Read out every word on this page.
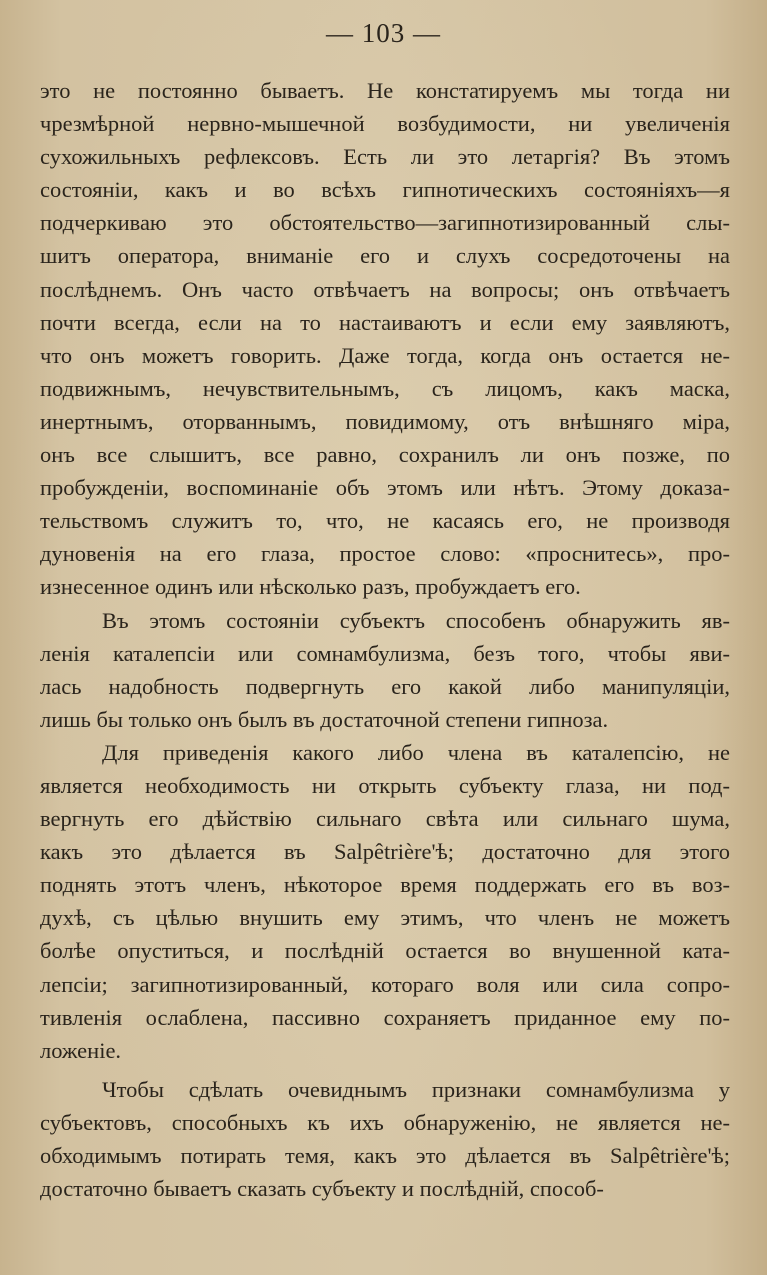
— 103 —
это не постоянно бываетъ. Не констатируемъ мы тогда ни
чрезмѣрной нервно-мышечной возбудимости, ни увеличенія
сухожильныхъ рефлексовъ. Есть ли это летаргія? Въ этомъ
состояніи, какъ и во всѣхъ гипнотическихъ состояніяхъ—я
подчеркиваю это обстоятельство—загипнотизированный слы-
шитъ оператора, вниманіе его и слухъ сосредоточены на
послѣднемъ. Онъ часто отвѣчаетъ на вопросы; онъ отвѣчаетъ
почти всегда, если на то настаиваютъ и если ему заявляютъ,
что онъ можетъ говорить. Даже тогда, когда онъ остается не-
подвижнымъ, нечувствительнымъ, съ лицомъ, какъ маска,
инертнымъ, оторваннымъ, повидимому, отъ внѣшняго міра,
онъ все слышитъ, все равно, сохранилъ ли онъ позже, по
пробужденіи, воспоминаніе объ этомъ или нѣтъ. Этому доказа-
тельствомъ служитъ то, что, не касаясь его, не производя
дуновенія на его глаза, простое слово: «проснитесь», про-
изнесенное одинъ или нѣсколько разъ, пробуждаетъ его.
Въ этомъ состояніи субъектъ способенъ обнаружить яв-
ленія каталепсіи или сомнамбулизма, безъ того, чтобы яви-
лась надобность подвергнуть его какой либо манипуляціи,
лишь бы только онъ былъ въ достаточной степени гипноза.
Для приведенія какого либо члена въ каталепсію, не
является необходимость ни открыть субъекту глаза, ни под-
вергнуть его дѣйствію сильнаго свѣта или сильнаго шума,
какъ это дѣлается въ Salpêtrière'ѣ; достаточно для этого
поднять этотъ членъ, нѣкоторое время поддержать его въ воз-
духѣ, съ цѣлью внушить ему этимъ, что членъ не можетъ
болѣе опуститься, и послѣдній остается во внушенной ката-
лепсіи; загипнотизированный, котораго воля или сила сопро-
тивленія ослаблена, пассивно сохраняетъ приданное ему по-
ложеніе.
Чтобы сдѣлать очевиднымъ признаки сомнамбулизма у
субъектовъ, способныхъ къ ихъ обнаруженію, не является не-
обходимымъ потирать темя, какъ это дѣлается въ Salpêtrière'ѣ;
достаточно бываетъ сказать субъекту и послѣдній, способ-
